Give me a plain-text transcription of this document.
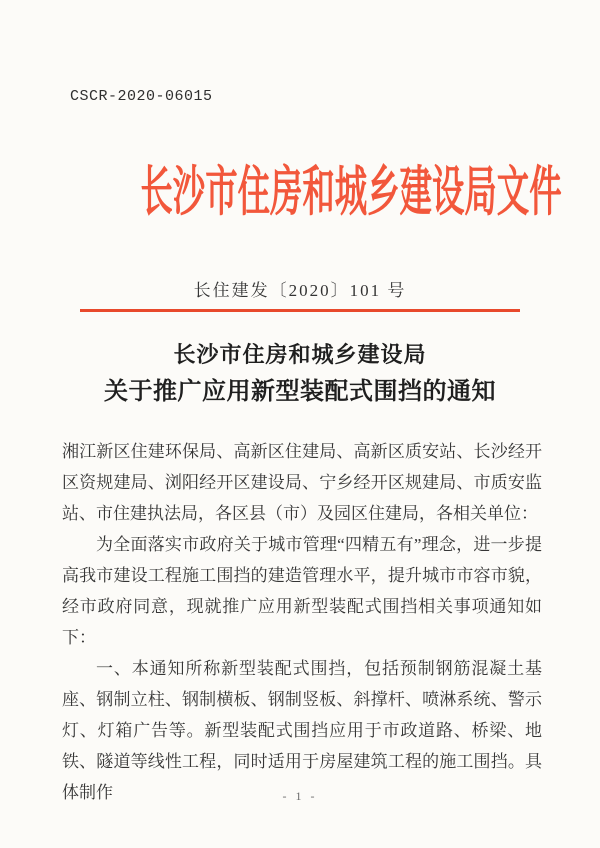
CSCR-2020-06015
长沙市住房和城乡建设局文件
长住建发〔2020〕101 号
长沙市住房和城乡建设局
关于推广应用新型装配式围挡的通知

湘江新区住建环保局、高新区住建局、高新区质安站、长沙经开区资规建局、浏阳经开区建设局、宁乡经开区规建局、市质安监站、市住建执法局，各区县（市）及园区住建局，各相关单位：

为全面落实市政府关于城市管理“四精五有”理念，进一步提高我市建设工程施工围挡的建造管理水平，提升城市市容市貌，经市政府同意，现就推广应用新型装配式围挡相关事项通知如下：

一、本通知所称新型装配式围挡，包括预制钢筋混凝土基座、钢制立柱、钢制横板、钢制竖板、斜撑杆、喷淋系统、警示灯、灯箱广告等。新型装配式围挡应用于市政道路、桥梁、地铁、隧道等线性工程，同时适用于房屋建筑工程的施工围挡。具体制作	- 1 -
